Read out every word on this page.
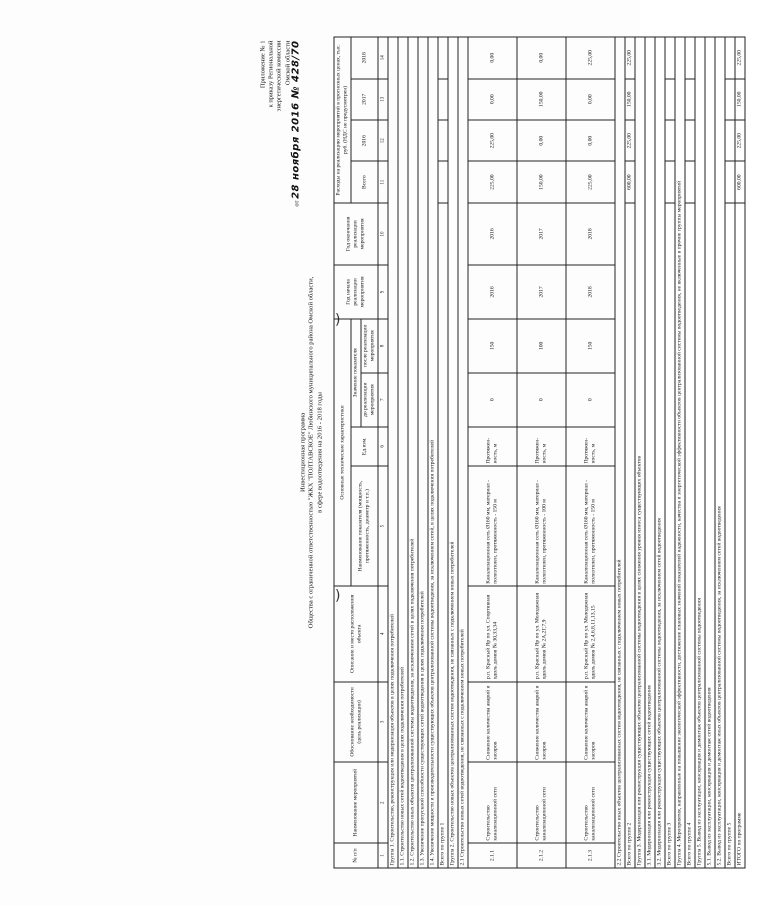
)
)
Приложение № 1 к приказу Региональной энергетической комиссии Омской области
от 28 ноября 2016 № 428/70
Инвестиционная программа Общества с ограниченной ответственностью "ЖКХ "ПОЛТАВСКОЕ" Любинского муниципального района Омской области, в сфере водоотведения на 2016 - 2018 годы
№ п/п	Наименование мероприятий	Обоснование необходимости (цель реализации)	Описание и место расположения объекта	Основные технические характеристики				Год начала реализации мероприятия	Год окончания реализации мероприятия	Расходы на реализацию мероприятий в прогнозных ценах, тыс. руб. (НДС не предусмотрен)			
				Наименование показателя (мощность, протяженность, диаметр и т.п.)	Ед.изм.	Значение показателя				Всего	2016	2017	2018
						до реализации мероприятия	после реализации мероприятия						
1	2	3	4	5	6	7	8	9	10	11	12	13	14
Группа 1. Строительство, реконструкция или модернизация объектов в целях подключения потребителей													
1.1. Строительство новых сетей водоотведения в целях подключения потребителей													
1.2. Строительство иных объектов централизованной системы водоотведения, за исключением сетей в целях подключения потребителей													
1.3. Увеличение пропускной способности существующих сетей водоотведения в целях подключения потребителей													
1.4. Увеличение мощности и производительности существующих объектов централизованной системы водоотведения, за исключением сетей, в целях подключения потребителей													
Всего по группе 1													
Группа 2. Строительство новых объектов централизованных систем водоотведения, не связанных с подключением новых потребителей													
2.1 Строительство новых сетей водоотведения, не связанных с подключением новых потребителей													
2.1.1	Строительство канализационной сети	Снижение количества аварий и засоров	р.п. Красный Яр по ул. Спортивная вдоль домов № 30,33,34	Канализационная сеть Ø160 мм, материал - полиэтилен, протяженность - 150 м	Протяжен-ность, м	0	150	2016	2016	225,00	225,00	0,00	0,00
2.1.2	Строительство канализационной сети	Снижение количества аварий и засоров	р.п. Красный Яр по ул. Молодежная вдоль домов № 2А,2Г,7,9	Канализационная сеть Ø160 мм, материал - полиэтилен, протяженность - 100 м	Протяжен-ность, м	0	100	2017	2017	150,00	0,00	150,00	0,00
2.1.3	Строительство канализационной сети	Снижение количества аварий и засоров	р.п. Красный Яр по ул. Молодежная вдоль домов № 2,4,6,8,11,13,15	Канализационная сеть Ø160 мм, материал - полиэтилен, протяженность - 150 м	Протяжен-ность, м	0	150	2018	2018	225,00	0,00	0,00	225,00
2.2 Строительство иных объектов централизованных систем водоотведения, не связанных с подключением новых потребителей													
Всего по группе 2										600,00	225,00	150,00	225,00
Группа 3. Модернизация или реконструкция существующих объектов централизованной системы водоотведения в целях снижения уровня износа существующих объектов													
3.1. Модернизация или реконструкция существующих сетей водоотведения													
3.2. Модернизация или реконструкция существующих объектов централизованной системы водоотведения, за исключением сетей водоотведения													
Всего по группе 3													
Группа 4. Мероприятия, направленные на повышение экологической эффективности, достижение плановых значений показателей надежности, качества и энергетической эффективности объектов централизованной системы водоотведения, не включенные в прочие группы мероприятий													
Всего по группе 4													
Группа 5. Вывод из эксплуатации, консервация и демонтаж объектов централизованной системы водоотведения													
5.1. Вывод из эксплуатации, консервация и демонтаж сетей водоотведения													
5.2. Вывод из эксплуатации, консервация и демонтаж иных объектов централизованной системы водоотведения, за исключением сетей водоотведения													
Всего по группе 5													
ИТОГО по программе										600,00	225,00	150,00	225,00
